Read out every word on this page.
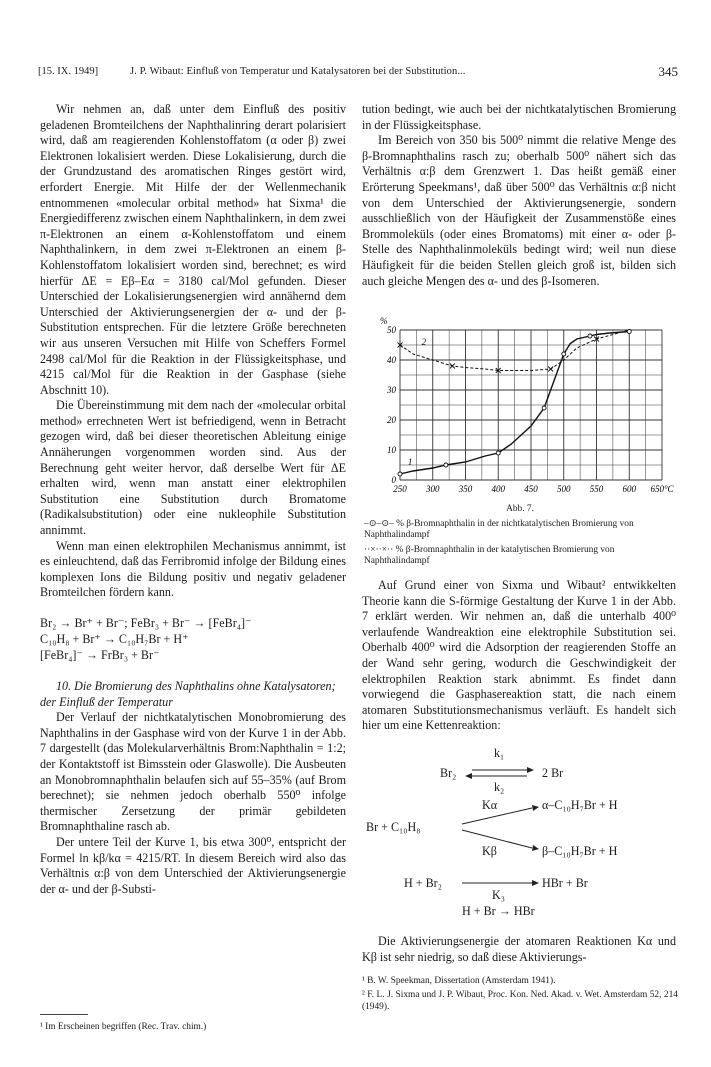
[15. IX. 1949]	J. P. Wibaut: Einfluß von Temperatur und Katalysatoren bei der Substitution...	345

Wir nehmen an, daß unter dem Einfluß des positiv geladenen Bromteilchens der Naphthalinring derart polarisiert wird, daß am reagierenden Kohlenstoffatom (α oder β) zwei Elektronen lokalisiert werden. Diese Lokalisierung, durch die der Grundzustand des aromatischen Ringes gestört wird, erfordert Energie. Mit Hilfe der der Wellenmechanik entnommenen «molecular orbital method» hat Sixma¹ die Energiedifferenz zwischen einem Naphthalinkern, in dem zwei π-Elektronen an einem α-Kohlenstoffatom und einem Naphthalinkern, in dem zwei π-Elektronen an einem β-Kohlenstoffatom lokalisiert worden sind, berechnet; es wird hierfür ΔE = Eβ–Eα = 3180 cal/Mol gefunden. Dieser Unterschied der Lokalisierungsenergien wird annähernd dem Unterschied der Aktivierungsenergien der α- und der β-Substitution entsprechen. Für die letztere Größe berechneten wir aus unseren Versuchen mit Hilfe von Scheffers Formel 2498 cal/Mol für die Reaktion in der Flüssigkeitsphase, und 4215 cal/Mol für die Reaktion in der Gasphase (siehe Abschnitt 10).

Die Übereinstimmung mit dem nach der «molecular orbital method» errechneten Wert ist befriedigend, wenn in Betracht gezogen wird, daß bei dieser theoretischen Ableitung einige Annäherungen vorgenommen worden sind. Aus der Berechnung geht weiter hervor, daß derselbe Wert für ΔE erhalten wird, wenn man anstatt einer elektrophilen Substitution eine Substitution durch Bromatome (Radikalsubstitution) oder eine nukleophile Substitution annimmt.

Wenn man einen elektrophilen Mechanismus annimmt, ist es einleuchtend, daß das Ferribromid infolge der Bildung eines komplexen Ions die Bildung positiv und negativ geladener Bromteilchen fördern kann.

Br₂ → Br⁺ + Br⁻; FeBr₃ + Br⁻ → [FeBr₄]⁻
C₁₀H₈ + Br⁺ → C₁₀H₇Br + H⁺
[FeBr₄]⁻ → FrBr₃ + Br⁻

10. Die Bromierung des Naphthalins ohne Katalysatoren; der Einfluß der Temperatur

Der Verlauf der nichtkatalytischen Monobromierung des Naphthalins in der Gasphase wird von der Kurve 1 in der Abb. 7 dargestellt (das Molekularverhältnis Brom:Naphthalin = 1:2; der Kontaktstoff ist Bimsstein oder Glaswolle). Die Ausbeuten an Monobromnaphthalin belaufen sich auf 55–35% (auf Brom berechnet); sie nehmen jedoch oberhalb 550⁰ infolge thermischer Zersetzung der primär gebildeten Bromnaphthaline rasch ab.

Der untere Teil der Kurve 1, bis etwa 300⁰, entspricht der Formel ln kβ/kα = 4215/RT. In diesem Bereich wird also das Verhältnis α:β von dem Unterschied der Aktivierungsenergie der α- und der β-Substi-

¹ Im Erscheinen begriffen (Rec. Trav. chim.)

tution bedingt, wie auch bei der nichtkatalytischen Bromierung in der Flüssigkeitsphase.

Im Bereich von 350 bis 500⁰ nimmt die relative Menge des β-Bromnaphthalins rasch zu; oberhalb 500⁰ nähert sich das Verhältnis α:β dem Grenzwert 1. Das heißt gemäß einer Erörterung Speekmans¹, daß über 500⁰ das Verhältnis α:β nicht von dem Unterschied der Aktivierungsenergie, sondern ausschließlich von der Häufigkeit der Zusammenstöße eines Brommoleküls (oder eines Bromatoms) mit einer α- oder β-Stelle des Naphthalinmoleküls bedingt wird; weil nun diese Häufigkeit für die beiden Stellen gleich groß ist, bilden sich auch gleiche Mengen des α- und des β-Isomeren.

%
250 300 350 400 450 500 550 600 650°C
0
10
20
30
40
50
1
2
Abb. 7.
–⊙–⊙– % β-Bromnaphthalin in der nichtkatalytischen Bromierung von Naphthalindampf
··×··×·· % β-Bromnaphthalin in der katalytischen Bromierung von Naphthalindampf

Auf Grund einer von Sixma und Wibaut² entwikkelten Theorie kann die S-förmige Gestaltung der Kurve 1 in der Abb. 7 erklärt werden. Wir nehmen an, daß die unterhalb 400⁰ verlaufende Wandreaktion eine elektrophile Substitution sei. Oberhalb 400⁰ wird die Adsorption der reagierenden Stoffe an der Wand sehr gering, wodurch die Geschwindigkeit der elektrophilen Reaktion stark abnimmt. Es findet dann vorwiegend die Gasphasereaktion statt, die nach einem atomaren Substitutionsmechanismus verläuft. Es handelt sich hier um eine Kettenreaktion:

k₁
Br₂	2 Br
k₂
Kα	α–C₁₀H₇Br + H
Br + C₁₀H₈
Kβ	β–C₁₀H₇Br + H
H + Br₂	HBr + Br
K₃
H + Br → HBr

Die Aktivierungsenergie der atomaren Reaktionen Kα und Kβ ist sehr niedrig, so daß diese Aktivierungs-

¹ B. W. Speekman, Dissertation (Amsterdam 1941).
² F. L. J. Sixma und J. P. Wibaut, Proc. Kon. Ned. Akad. v. Wet. Amsterdam 52, 214 (1949).
